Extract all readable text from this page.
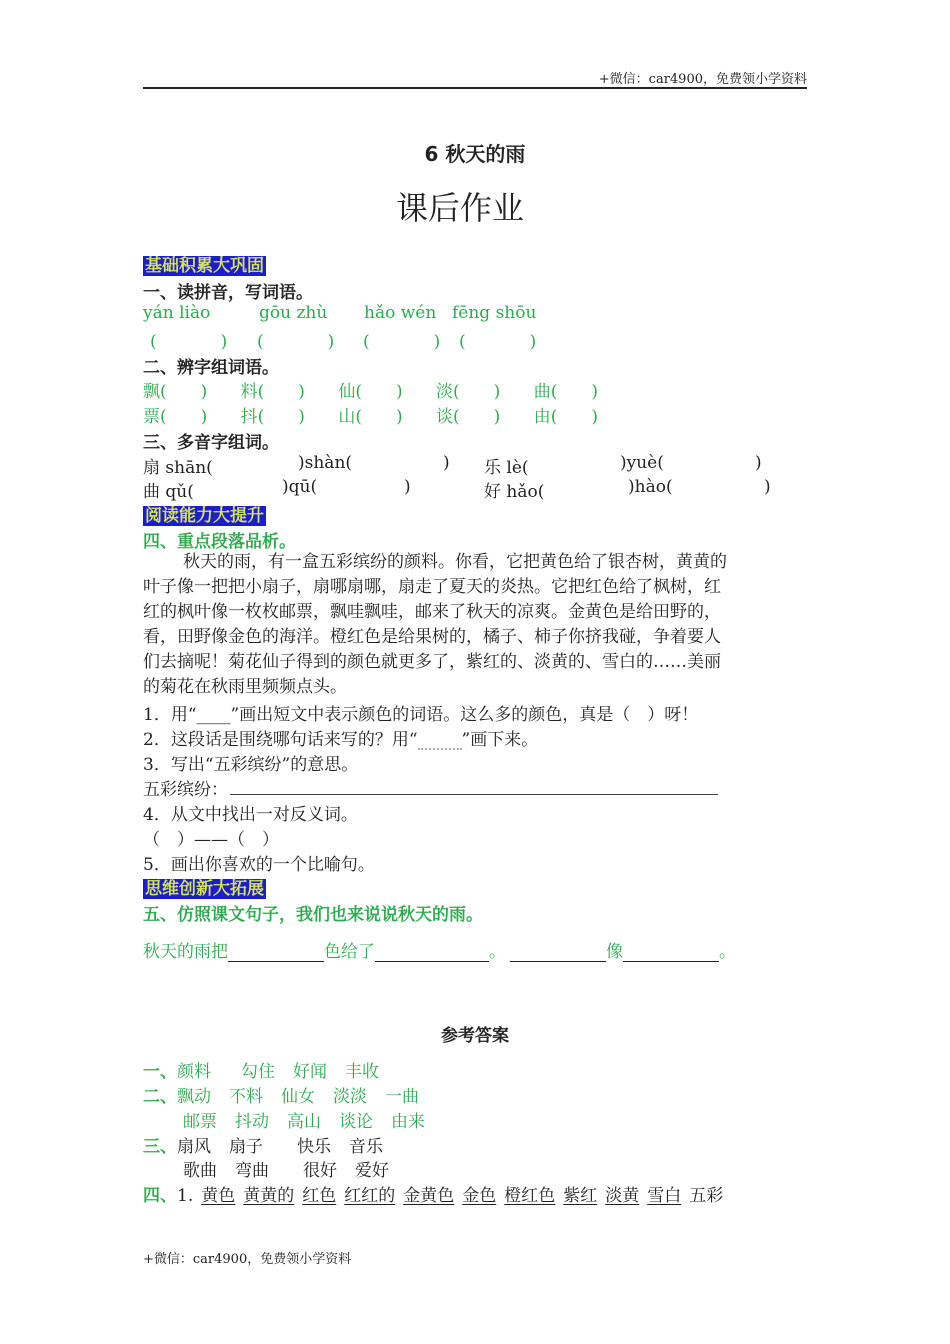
+微信：car4900，免费领小学资料
6 秋天的雨
课后作业
基础积累大巩固
一、读拼音，写词语。
yán liào	gōu zhù hǎo wén fēng shōu
(　　) (　　) (　　) (　　)
二、辨字组词语。
飘(　　) 料(　　) 仙(　　) 淡(　　) 曲(　　)
票(　　) 抖(　　) 山(　　) 谈(　　) 由(　　)
三、多音字组词。
扇 shān(	)shàn(	) 乐 lè(	)yuè(	)
曲 qǔ(	)qū(	)	好 hǎo(	)hào(	)
阅读能力大提升
四、重点段落品析。
秋天的雨，有一盒五彩缤纷的颜料。你看，它把黄色给了银杏树，黄黄的
叶子像一把把小扇子，扇哪扇哪，扇走了夏天的炎热。它把红色给了枫树，红
红的枫叶像一枚枚邮票，飘哇飘哇，邮来了秋天的凉爽。金黄色是给田野的，
看，田野像金色的海洋。橙红色是给果树的，橘子、柿子你挤我碰，争着要人
们去摘呢！菊花仙子得到的颜色就更多了，紫红的、淡黄的、雪白的……美丽
的菊花在秋雨里频频点头。
1．用“____”画出短文中表示颜色的词语。这么多的颜色，真是（　）呀！
2．这段话是围绕哪句话来写的？用“	”画下来。
3．写出“五彩缤纷”的意思。
五彩缤纷：
4．从文中找出一对反义词。
（　）——（　）
5．画出你喜欢的一个比喻句。
思维创新大拓展
五、仿照课文句子，我们也来说说秋天的雨。
秋天的雨把	色给了	。	像	。
参考答案
一、颜料 勾住 好闻 丰收
二、飘动 不料 仙女 淡淡 一曲
邮票 抖动 高山 谈论 由来
三、扇风 扇子 快乐 音乐
歌曲 弯曲 很好 爱好
四、1. 黄色 黄黄的 红色 红红的 金黄色 金色 橙红色 紫红 淡黄 雪白 五彩
+微信：car4900，免费领小学资料
